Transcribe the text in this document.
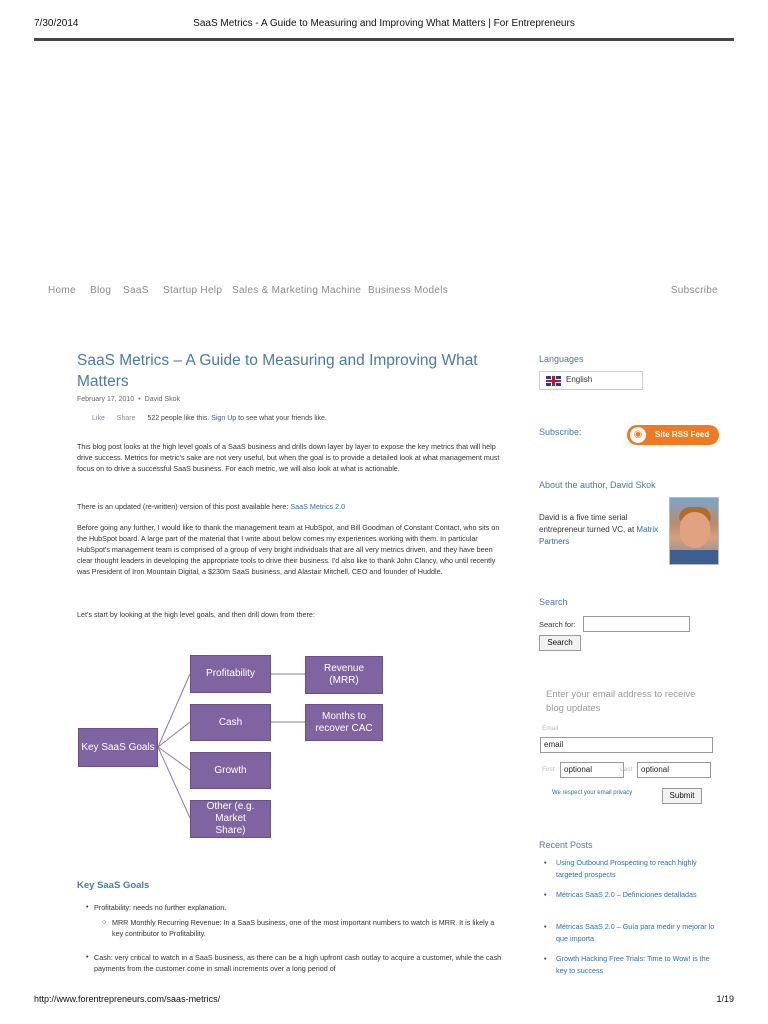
7/30/2014	SaaS Metrics - A Guide to Measuring and Improving What Matters | For Entrepreneurs
Home Blog SaaS Startup Help Sales & Marketing Machine Business Models	Subscribe
SaaS Metrics – A Guide to Measuring and Improving What Matters
February 17, 2010 • David Skok
Like Share 522 people like this. Sign Up to see what your friends like.

This blog post looks at the high level goals of a SaaS business and drills down layer by layer to expose the key metrics that will help drive success. Metrics for metric's sake are not very useful, but when the goal is to provide a detailed look at what management must focus on to drive a successful SaaS business. For each metric, we will also look at what is actionable.

There is an updated (re-written) version of this post available here: SaaS Metrics 2.0

Before going any further, I would like to thank the management team at HubSpot, and Bill Goodman of Constant Contact, who sits on the HubSpot board. A large part of the material that I write about below comes my experiences working with them. In particular HubSpot's management team is comprised of a group of very bright individuals that are all very metrics driven, and they have been clear thought leaders in developing the appropriate tools to drive their business. I'd also like to thank John Clancy, who until recently was President of Iron Mountain Digital, a $230m SaaS business, and Alastair Mitchell, CEO and founder of Huddle.

Let's start by looking at the high level goals, and then drill down from there:

Key SaaS Goals
Profitability
Cash
Growth
Other (e.g. Market Share)
Revenue (MRR)
Months to recover CAC
Key SaaS Goals
• Profitability: needs no further explanation.
○ MRR Monthly Recurring Revenue: In a SaaS business, one of the most important numbers to watch is MRR. It is likely a key contributor to Profitability.
• Cash: very critical to watch in a SaaS business, as there can be a high upfront cash outlay to acquire a customer, while the cash payments from the customer come in small increments over a long period of
Languages
English
Subscribe:	◉	Site RSS Feed
About the author, David Skok
David is a five time serial entrepreneur turned VC, at Matrix Partners
Search
Search for:
Search
Enter your email address to receive blog updates
Email
email
First	optional	Last	optional
We respect your email privacy	Submit
Recent Posts
• Using Outbound Prospecting to reach highly targeted prospects
• Métricas SaaS 2.0 – Definiciones detalladas
• Métricas SaaS 2.0 – Guía para medir y mejorar lo que importa
• Growth Hacking Free Trials: Time to Wow! is the key to success
http://www.forentrepreneurs.com/saas-metrics/	1/19
